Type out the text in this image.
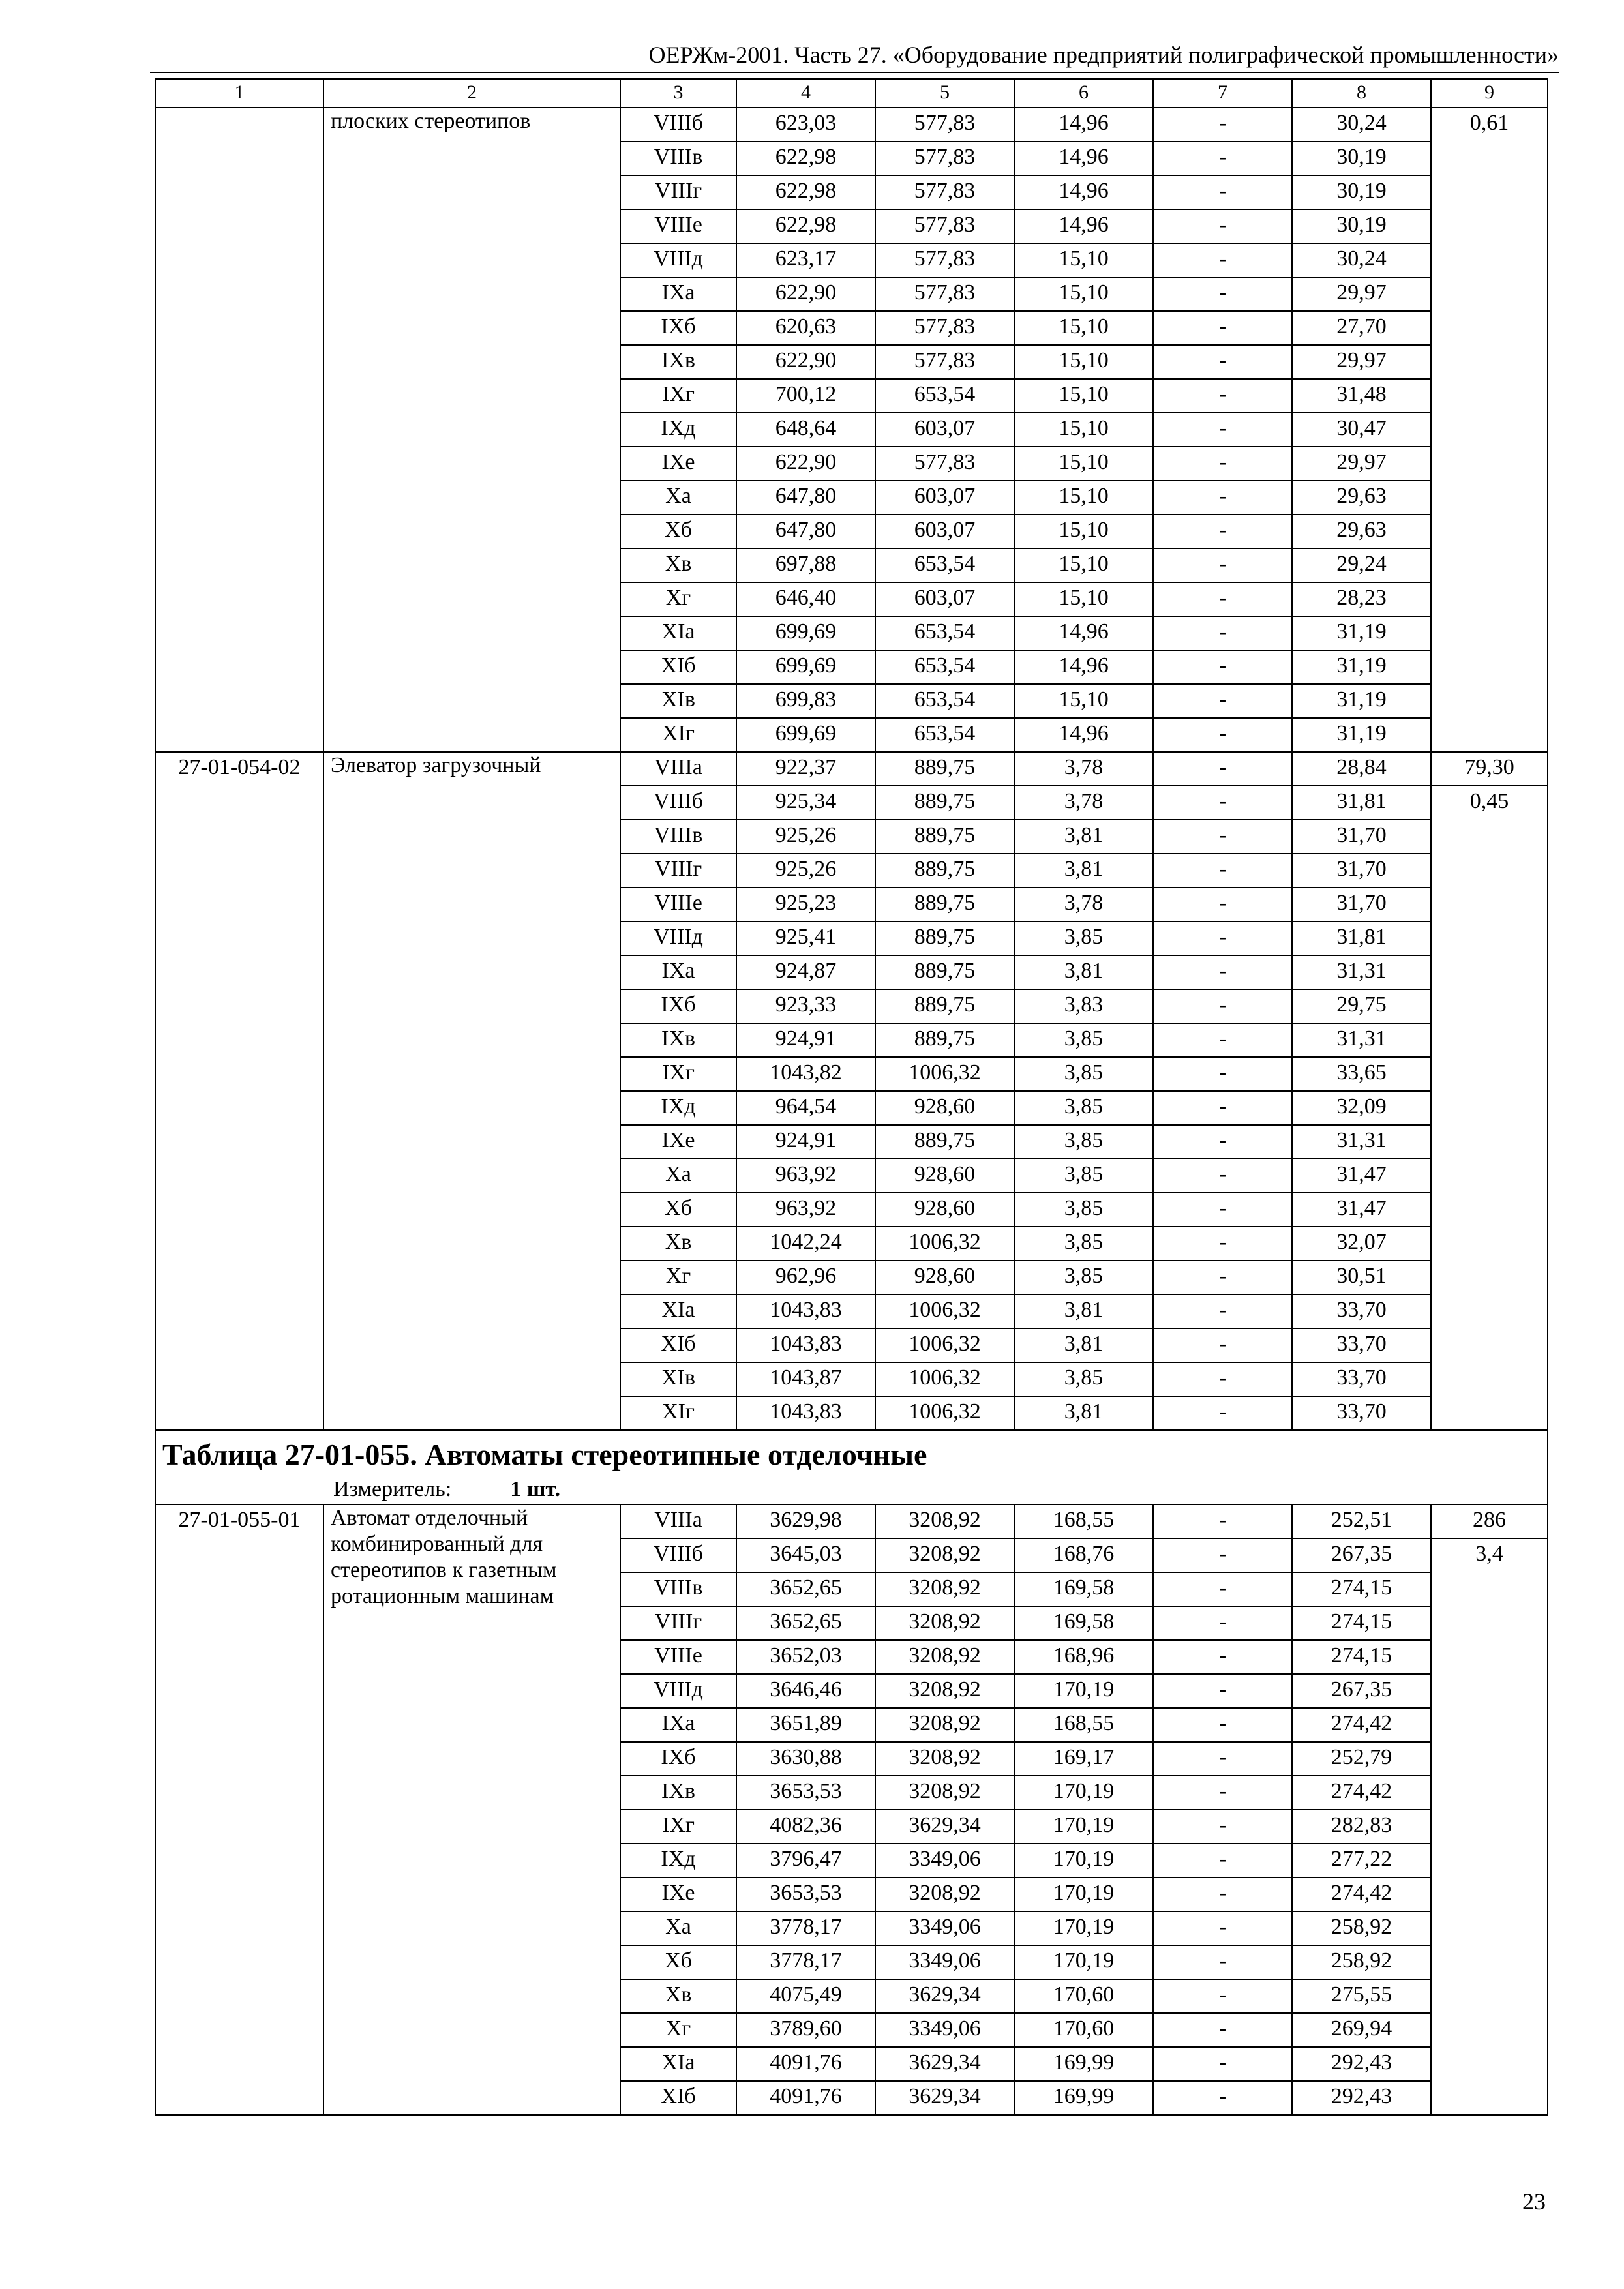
ОЕРЖм-2001. Часть 27. «Оборудование предприятий полиграфической промышленности»
1	2	3	4	5	6	7	8	9
	плоских стереотипов	VIIIб	623,03	577,83	14,96	-	30,24	0,61
		VIIIв	622,98	577,83	14,96	-	30,19	
		VIIIг	622,98	577,83	14,96	-	30,19	
		VIIIе	622,98	577,83	14,96	-	30,19	
		VIIIд	623,17	577,83	15,10	-	30,24	
		IXа	622,90	577,83	15,10	-	29,97	
		IXб	620,63	577,83	15,10	-	27,70	
		IXв	622,90	577,83	15,10	-	29,97	
		IXг	700,12	653,54	15,10	-	31,48	
		IXд	648,64	603,07	15,10	-	30,47	
		IXе	622,90	577,83	15,10	-	29,97	
		Xа	647,80	603,07	15,10	-	29,63	
		Xб	647,80	603,07	15,10	-	29,63	
		Xв	697,88	653,54	15,10	-	29,24	
		Xг	646,40	603,07	15,10	-	28,23	
		XIа	699,69	653,54	14,96	-	31,19	
		XIб	699,69	653,54	14,96	-	31,19	
		XIв	699,83	653,54	15,10	-	31,19	
		XIг	699,69	653,54	14,96	-	31,19	
27-01-054-02	Элеватор загрузочный	VIIIа	922,37	889,75	3,78	-	28,84	79,30
		VIIIб	925,34	889,75	3,78	-	31,81	0,45
		VIIIв	925,26	889,75	3,81	-	31,70	
		VIIIг	925,26	889,75	3,81	-	31,70	
		VIIIе	925,23	889,75	3,78	-	31,70	
		VIIIд	925,41	889,75	3,85	-	31,81	
		IXа	924,87	889,75	3,81	-	31,31	
		IXб	923,33	889,75	3,83	-	29,75	
		IXв	924,91	889,75	3,85	-	31,31	
		IXг	1043,82	1006,32	3,85	-	33,65	
		IXд	964,54	928,60	3,85	-	32,09	
		IXе	924,91	889,75	3,85	-	31,31	
		Xа	963,92	928,60	3,85	-	31,47	
		Xб	963,92	928,60	3,85	-	31,47	
		Xв	1042,24	1006,32	3,85	-	32,07	
		Xг	962,96	928,60	3,85	-	30,51	
		XIа	1043,83	1006,32	3,81	-	33,70	
		XIб	1043,83	1006,32	3,81	-	33,70	
		XIв	1043,87	1006,32	3,85	-	33,70	
		XIг	1043,83	1006,32	3,81	-	33,70	

Таблица 27-01-055. Автоматы стереотипные отделочные
Измеритель: 1 шт.								

27-01-055-01	Автомат отделочный комбинированный для стереотипов к газетным ротационным машинам	VIIIа	3629,98	3208,92	168,55	-	252,51	286
		VIIIб	3645,03	3208,92	168,76	-	267,35	3,4
		VIIIв	3652,65	3208,92	169,58	-	274,15	
		VIIIг	3652,65	3208,92	169,58	-	274,15	
		VIIIе	3652,03	3208,92	168,96	-	274,15	
		VIIIд	3646,46	3208,92	170,19	-	267,35	
		IXа	3651,89	3208,92	168,55	-	274,42	
		IXб	3630,88	3208,92	169,17	-	252,79	
		IXв	3653,53	3208,92	170,19	-	274,42	
		IXг	4082,36	3629,34	170,19	-	282,83	
		IXд	3796,47	3349,06	170,19	-	277,22	
		IXе	3653,53	3208,92	170,19	-	274,42	
		Xа	3778,17	3349,06	170,19	-	258,92	
		Xб	3778,17	3349,06	170,19	-	258,92	
		Xв	4075,49	3629,34	170,60	-	275,55	
		Xг	3789,60	3349,06	170,60	-	269,94	
		XIа	4091,76	3629,34	169,99	-	292,43	
		XIб	4091,76	3629,34	169,99	-	292,43	
23
